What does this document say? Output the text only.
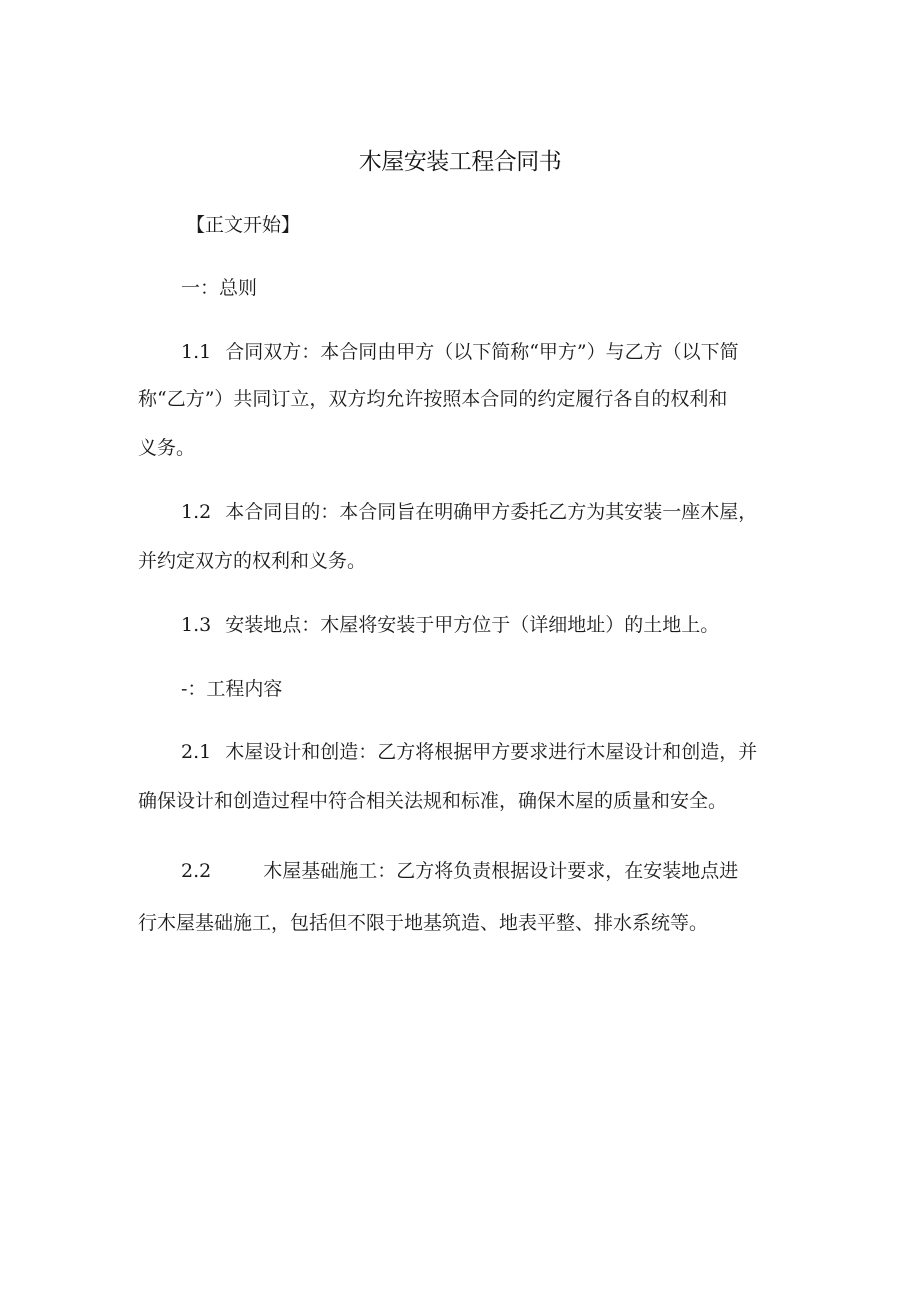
木屋安装工程合同书
【正文开始】
一：总则
1.1 合同双方：本合同由甲方（以下简称“甲方”）与乙方（以下简
称“乙方”）共同订立，双方均允许按照本合同的约定履行各自的权利和
义务。
1.2 本合同目的：本合同旨在明确甲方委托乙方为其安装一座木屋，
并约定双方的权利和义务。
1.3 安装地点：木屋将安装于甲方位于（详细地址）的土地上。
-：工程内容
2.1 木屋设计和创造：乙方将根据甲方要求进行木屋设计和创造，并
确保设计和创造过程中符合相关法规和标准，确保木屋的质量和安全。
2.2	木屋基础施工：乙方将负责根据设计要求，在安装地点进
行木屋基础施工，包括但不限于地基筑造、地表平整、排水系统等。
